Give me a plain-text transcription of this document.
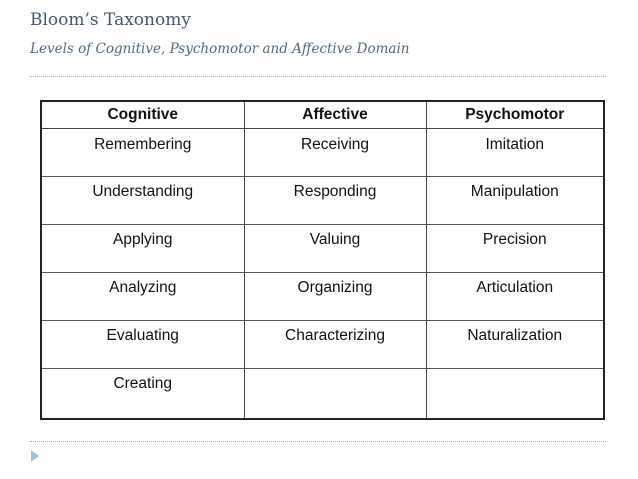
Bloom’s Taxonomy
Levels of Cognitive, Psychomotor and Affective Domain
Cognitive	Affective	Psychomotor
Remembering	Receiving	Imitation
Understanding	Responding	Manipulation
Applying	Valuing	Precision
Analyzing	Organizing	Articulation
Evaluating	Characterizing	Naturalization
Creating		
